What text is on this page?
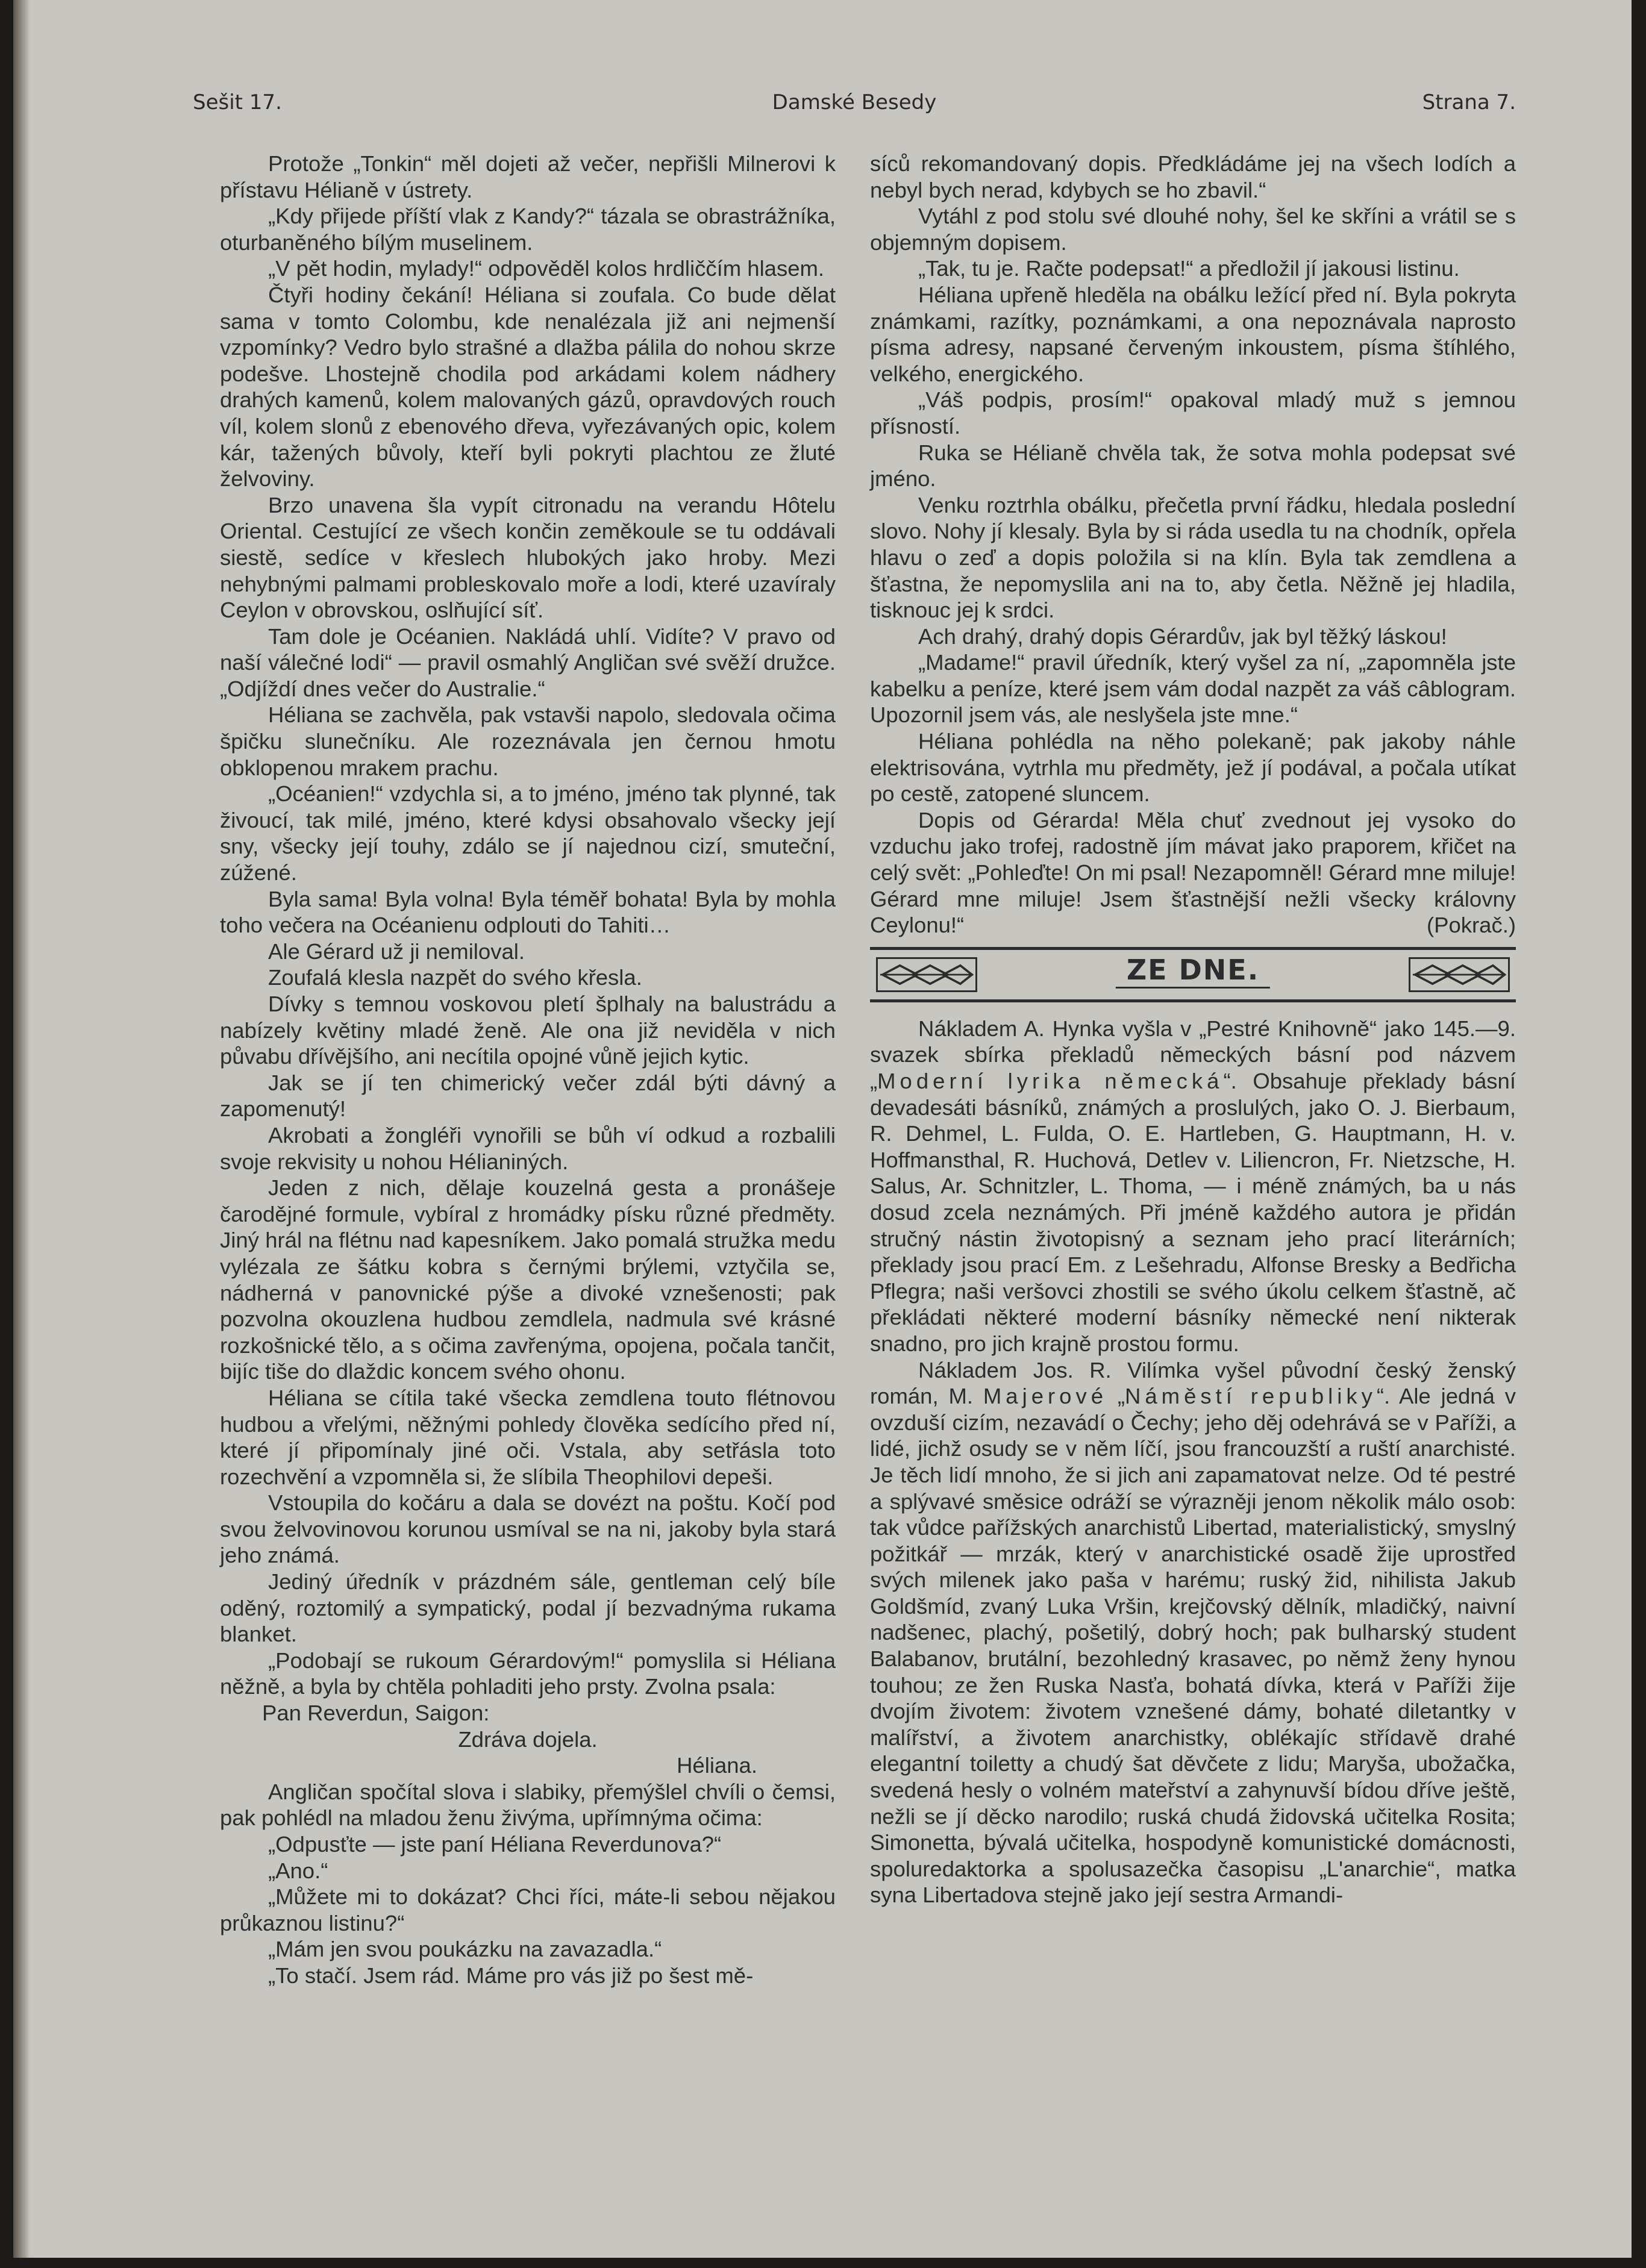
Sešit 17.	Damské Besedy	Strana 7.

Protože „Tonkin“ měl dojeti až večer, nepřišli Milnerovi k přístavu Hélianě v ústrety.

„Kdy přijede příští vlak z Kandy?“ tázala se obrastrážníka, oturbaněného bílým muselinem.

„V pět hodin, mylady!“ odpověděl kolos hrdliččím hlasem.

Čtyři hodiny čekání! Héliana si zoufala. Co bude dělat sama v tomto Colombu, kde nenalézala již ani nejmenší vzpomínky? Vedro bylo strašné a dlažba pálila do nohou skrze podešve. Lhostejně chodila pod arkádami kolem nádhery drahých kamenů, kolem malovaných gázů, opravdových rouch víl, kolem slonů z ebenového dřeva, vyřezávaných opic, kolem kár, tažených bůvoly, kteří byli pokryti plachtou ze žluté želvoviny.

Brzo unavena šla vypít citronadu na verandu Hôtelu Oriental. Cestující ze všech končin zeměkoule se tu oddávali siestě, sedíce v křeslech hlubokých jako hroby. Mezi nehybnými palmami probleskovalo moře a lodi, které uzavíraly Ceylon v obrovskou, oslňující síť.

Tam dole je Océanien. Nakládá uhlí. Vidíte? V pravo od naší válečné lodi“ — pravil osmahlý Angličan své svěží družce. „Odjíždí dnes večer do Australie.“

Héliana se zachvěla, pak vstavši napolo, sledovala očima špičku slunečníku. Ale rozeznávala jen černou hmotu obklopenou mrakem prachu.

„Océanien!“ vzdychla si, a to jméno, jméno tak plynné, tak živoucí, tak milé, jméno, které kdysi obsahovalo všecky její sny, všecky její touhy, zdálo se jí najednou cizí, smuteční, zúžené.

Byla sama! Byla volna! Byla téměř bohata! Byla by mohla toho večera na Océanienu odplouti do Tahiti…

Ale Gérard už ji nemiloval.

Zoufalá klesla nazpět do svého křesla.

Dívky s temnou voskovou pletí šplhaly na balustrádu a nabízely květiny mladé ženě. Ale ona již neviděla v nich půvabu dřívějšího, ani necítila opojné vůně jejich kytic.

Jak se jí ten chimerický večer zdál býti dávný a zapomenutý!

Akrobati a žongléři vynořili se bůh ví odkud a rozbalili svoje rekvisity u nohou Hélianiných.

Jeden z nich, dělaje kouzelná gesta a pronášeje čarodějné formule, vybíral z hromádky písku různé předměty. Jiný hrál na flétnu nad kapesníkem. Jako pomalá stružka medu vylézala ze šátku kobra s černými brýlemi, vztyčila se, nádherná v panovnické pýše a divoké vznešenosti; pak pozvolna okouzlena hudbou zemdlela, nadmula své krásné rozkošnické tělo, a s očima zavřenýma, opojena, počala tančit, bijíc tiše do dlaždic koncem svého ohonu.

Héliana se cítila také všecka zemdlena touto flétnovou hudbou a vřelými, něžnými pohledy člověka sedícího před ní, které jí připomínaly jiné oči. Vstala, aby setřásla toto rozechvění a vzpomněla si, že slíbila Theophilovi depeši.

Vstoupila do kočáru a dala se dovézt na poštu. Kočí pod svou želvovinovou korunou usmíval se na ni, jakoby byla stará jeho známá.

Jediný úředník v prázdném sále, gentleman celý bíle oděný, roztomilý a sympatický, podal jí bezvadnýma rukama blanket.

„Podobají se rukoum Gérardovým!“ pomyslila si Héliana něžně, a byla by chtěla pohladiti jeho prsty. Zvolna psala:

Pan Reverdun, Saigon:

Zdráva dojela.

Héliana.

Angličan spočítal slova i slabiky, přemýšlel chvíli o čemsi, pak pohlédl na mladou ženu živýma, upřímnýma očima:

„Odpusťte — jste paní Héliana Reverdunova?“

„Ano.“

„Můžete mi to dokázat? Chci říci, máte-li sebou nějakou průkaznou listinu?“

„Mám jen svou poukázku na zavazadla.“

„To stačí. Jsem rád. Máme pro vás již po šest mě-

síců rekomandovaný dopis. Předkládáme jej na všech lodích a nebyl bych nerad, kdybych se ho zbavil.“

Vytáhl z pod stolu své dlouhé nohy, šel ke skříni a vrátil se s objemným dopisem.

„Tak, tu je. Račte podepsat!“ a předložil jí jakousi listinu.

Héliana upřeně hleděla na obálku ležící před ní. Byla pokryta známkami, razítky, poznámkami, a ona nepoznávala naprosto písma adresy, napsané červeným inkoustem, písma štíhlého, velkého, energického.

„Váš podpis, prosím!“ opakoval mladý muž s jemnou přísností.

Ruka se Hélianě chvěla tak, že sotva mohla podepsat své jméno.

Venku roztrhla obálku, přečetla první řádku, hledala poslední slovo. Nohy jí klesaly. Byla by si ráda usedla tu na chodník, opřela hlavu o zeď a dopis položila si na klín. Byla tak zemdlena a šťastna, že nepomyslila ani na to, aby četla. Něžně jej hladila, tisknouc jej k srdci.

Ach drahý, drahý dopis Gérardův, jak byl těžký láskou!

„Madame!“ pravil úředník, který vyšel za ní, „zapomněla jste kabelku a peníze, které jsem vám dodal nazpět za váš câblogram. Upozornil jsem vás, ale neslyšela jste mne.“

Héliana pohlédla na něho polekaně; pak jakoby náhle elektrisována, vytrhla mu předměty, jež jí podával, a počala utíkat po cestě, zatopené sluncem.

Dopis od Gérarda! Měla chuť zvednout jej vysoko do vzduchu jako trofej, radostně jím mávat jako praporem, křičet na celý svět: „Pohleďte! On mi psal! Nezapomněl! Gérard mne miluje! Gérard mne miluje! Jsem šťastnější nežli všecky královny Ceylonu!“	(Pokrač.)

ZE DNE.

Nákladem A. Hynka vyšla v „Pestré Knihovně“ jako 145.—9. svazek sbírka překladů německých básní pod názvem „Moderní lyrika německá“. Obsahuje překlady básní devadesáti básníků, známých a proslulých, jako O. J. Bierbaum, R. Dehmel, L. Fulda, O. E. Hartleben, G. Hauptmann, H. v. Hoffmansthal, R. Huchová, Detlev v. Liliencron, Fr. Nietzsche, H. Salus, Ar. Schnitzler, L. Thoma, — i méně známých, ba u nás dosud zcela neznámých. Při jméně každého autora je přidán stručný nástin životopisný a seznam jeho prací literárních; překlady jsou prací Em. z Lešehradu, Alfonse Bresky a Bedřicha Pflegra; naši veršovci zhostili se svého úkolu celkem šťastně, ač překládati některé moderní básníky německé není nikterak snadno, pro jich krajně prostou formu.

Nákladem Jos. R. Vilímka vyšel původní český ženský román, M. Majerové „Náměstí republiky“. Ale jedná v ovzduší cizím, nezavádí o Čechy; jeho děj odehrává se v Paříži, a lidé, jichž osudy se v něm líčí, jsou francouzští a ruští anarchisté. Je těch lidí mnoho, že si jich ani zapamatovat nelze. Od té pestré a splývavé směsice odráží se výrazněji jenom několik málo osob: tak vůdce pařížských anarchistů Libertad, materialistický, smyslný požitkář — mrzák, který v anarchistické osadě žije uprostřed svých milenek jako paša v harému; ruský žid, nihilista Jakub Goldšmíd, zvaný Luka Vršin, krejčovský dělník, mladičký, naivní nadšenec, plachý, pošetilý, dobrý hoch; pak bulharský student Balabanov, brutální, bezohledný krasavec, po němž ženy hynou touhou; ze žen Ruska Nasťa, bohatá dívka, která v Paříži žije dvojím životem: životem vznešené dámy, bohaté diletantky v malířství, a životem anarchistky, oblékajíc střídavě drahé elegantní toiletty a chudý šat děvčete z lidu; Maryša, ubožačka, svedená hesly o volném mateřství a zahynuvší bídou dříve ještě, nežli se jí děcko narodilo; ruská chudá židovská učitelka Rosita; Simonetta, bývalá učitelka, hospodyně komunistické domácnosti, spoluredaktorka a spolusazečka časopisu „L'anarchie“, matka syna Libertadova stejně jako její sestra Armandi-
